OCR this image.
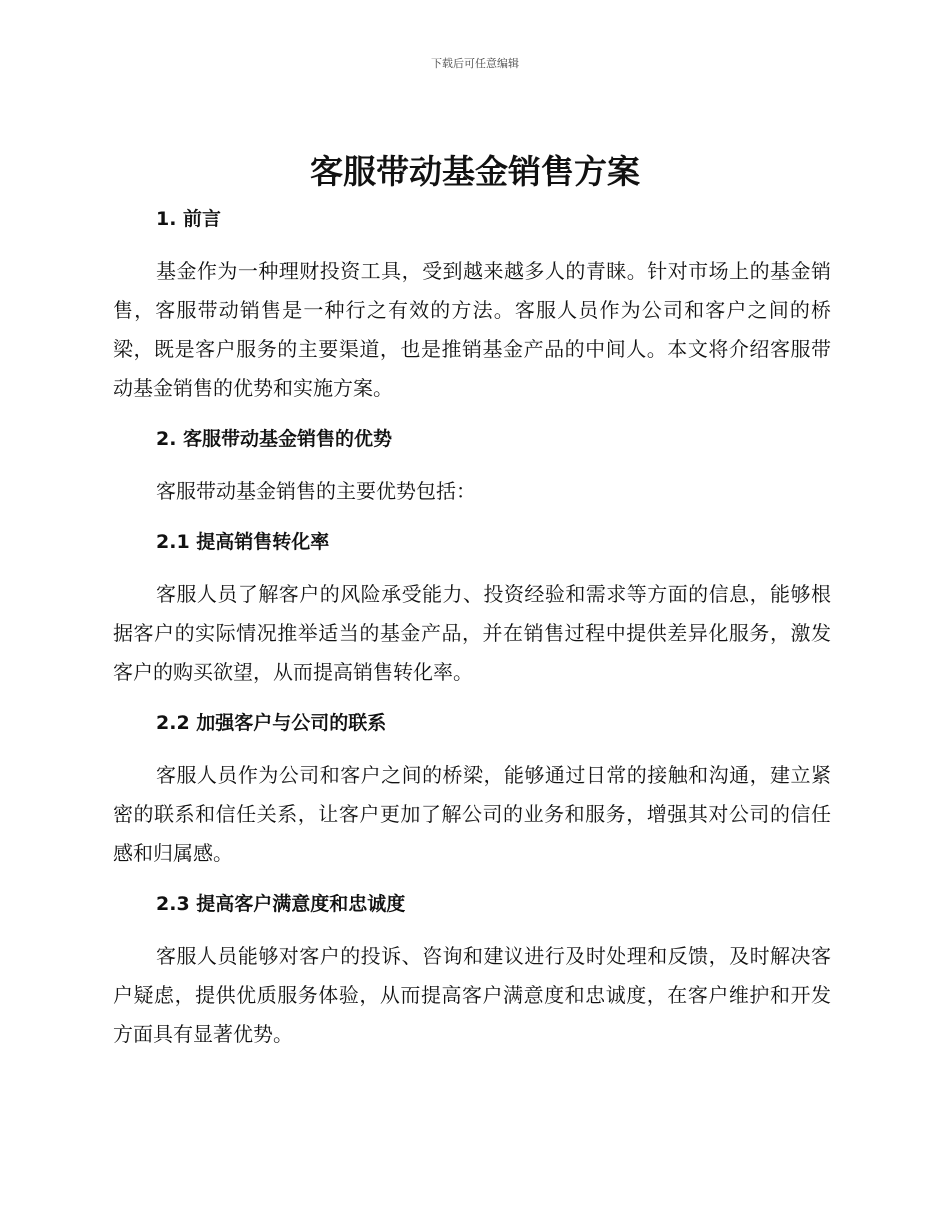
下载后可任意编辑
客服带动基金销售方案
1. 前言

基金作为一种理财投资工具，受到越来越多人的青睐。针对市场上的基金销售，客服带动销售是一种行之有效的方法。客服人员作为公司和客户之间的桥梁，既是客户服务的主要渠道，也是推销基金产品的中间人。本文将介绍客服带动基金销售的优势和实施方案。

2. 客服带动基金销售的优势

客服带动基金销售的主要优势包括：

2.1 提高销售转化率

客服人员了解客户的风险承受能力、投资经验和需求等方面的信息，能够根据客户的实际情况推举适当的基金产品，并在销售过程中提供差异化服务，激发客户的购买欲望，从而提高销售转化率。

2.2 加强客户与公司的联系

客服人员作为公司和客户之间的桥梁，能够通过日常的接触和沟通，建立紧密的联系和信任关系，让客户更加了解公司的业务和服务，增强其对公司的信任感和归属感。

2.3 提高客户满意度和忠诚度

客服人员能够对客户的投诉、咨询和建议进行及时处理和反馈，及时解决客户疑虑，提供优质服务体验，从而提高客户满意度和忠诚度，在客户维护和开发方面具有显著优势。
